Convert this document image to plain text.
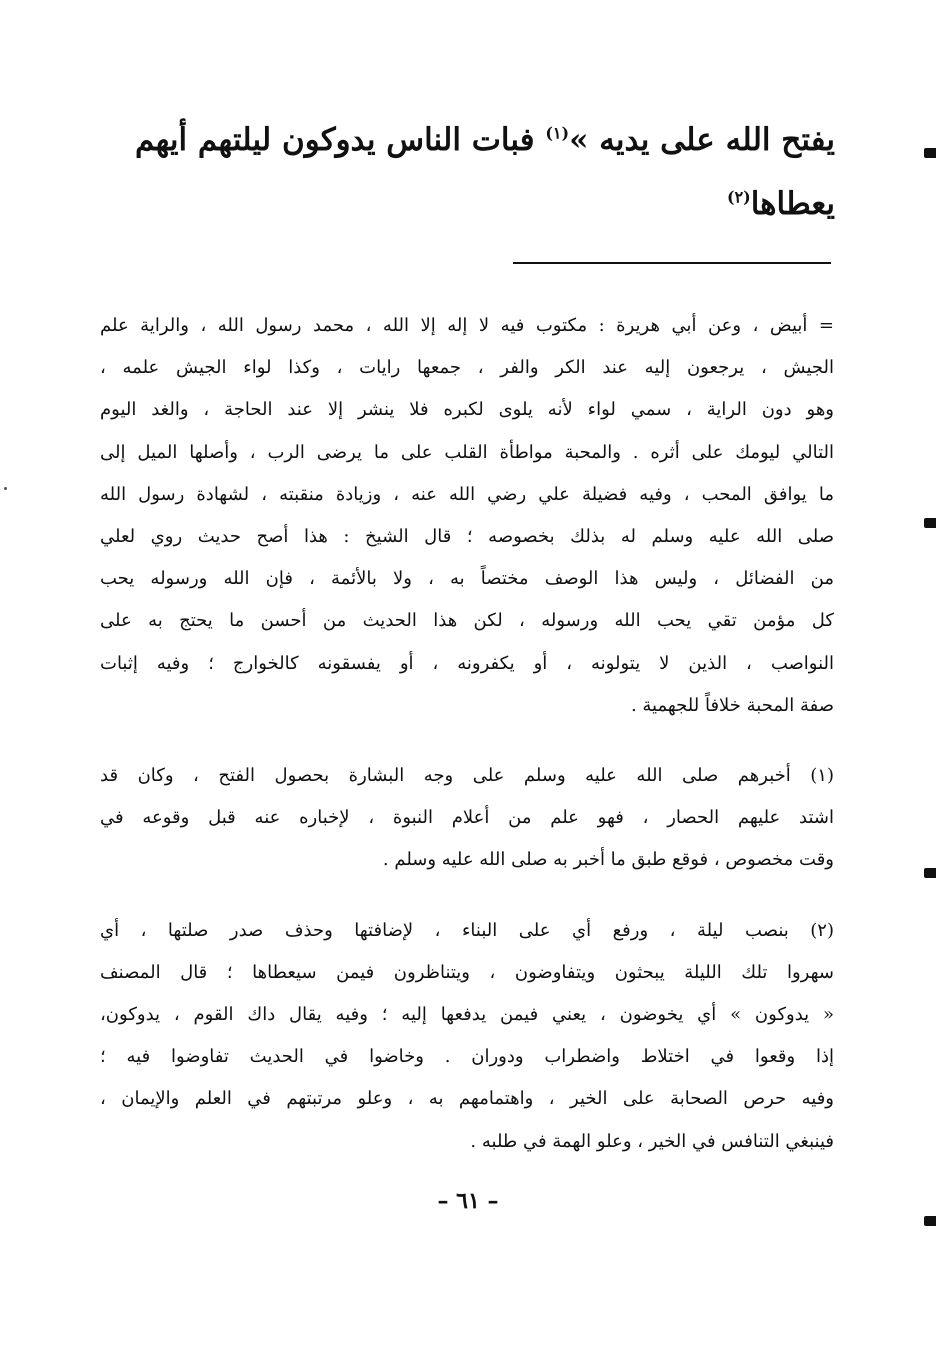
يفتح الله على يديه »$^{(١)}$ فبات الناس يدوكون ليلتهم أيهم
يعطاها$^{(٢)}$
= أبيض ، وعن أبي هريرة : مكتوب فيه لا إله إلا الله ، محمد رسول الله ، والراية علم
الجيش ، يرجعون إليه عند الكر والفر ، جمعها رايات ، وكذا لواء الجيش علمه ،
وهو دون الراية ، سمي لواء لأنه يلوى لكبره فلا ينشر إلا عند الحاجة ، والغد اليوم
التالي ليومك على أثره . والمحبة مواطأة القلب على ما يرضى الرب ، وأصلها الميل إلى
ما يوافق المحب ، وفيه فضيلة علي رضي الله عنه ، وزيادة منقبته ، لشهادة رسول الله
صلى الله عليه وسلم له بذلك بخصوصه ؛ قال الشيخ : هذا أصح حديث روي لعلي
من الفضائل ، وليس هذا الوصف مختصاً به ، ولا بالأئمة ، فإن الله ورسوله يحب
كل مؤمن تقي يحب الله ورسوله ، لكن هذا الحديث من أحسن ما يحتج به على
النواصب ، الذين لا يتولونه ، أو يكفرونه ، أو يفسقونه كالخوارج ؛ وفيه إثبات
صفة المحبة خلافاً للجهمية .
(١) أخبرهم صلى الله عليه وسلم على وجه البشارة بحصول الفتح ، وكان قد
اشتد عليهم الحصار ، فهو علم من أعلام النبوة ، لإخباره عنه قبل وقوعه في
وقت مخصوص ، فوقع طبق ما أخبر به صلى الله عليه وسلم .
(٢) بنصب ليلة ، ورفع أي على البناء ، لإضافتها وحذف صدر صلتها ، أي
سهروا تلك الليلة يبحثون ويتفاوضون ، ويتناظرون فيمن سيعطاها ؛ قال المصنف
« يدوكون » أي يخوضون ، يعني فيمن يدفعها إليه ؛ وفيه يقال داك القوم ، يدوكون،
إذا وقعوا في اختلاط واضطراب ودوران . وخاضوا في الحديث تفاوضوا فيه ؛
وفيه حرص الصحابة على الخير ، واهتمامهم به ، وعلو مرتبتهم في العلم والإيمان ،
فينبغي التنافس في الخير ، وعلو الهمة في طلبه .
– ٦١ –
